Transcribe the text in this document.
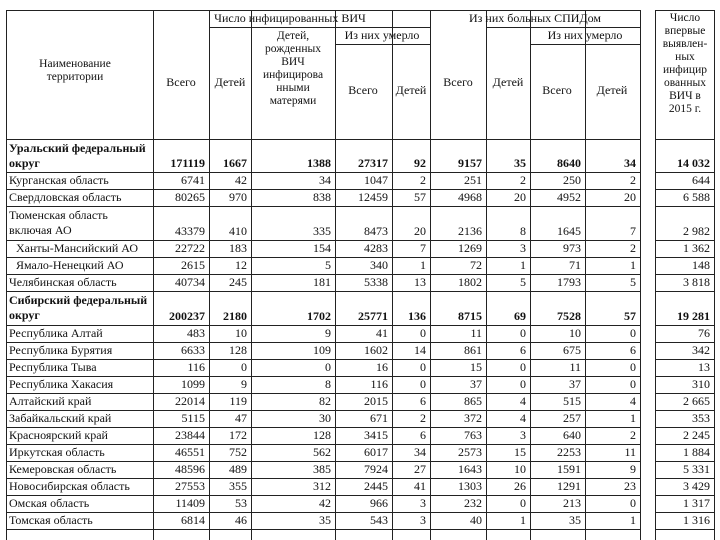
Наименование территории
Число инфицированных ВИЧ
Всего Детей
Детей, рожденных ВИЧ инфицирова нными матерями
Из них умерло
Всего Детей
Из них больных СПИДом
Всего Детей
Из них умерло
Всего Детей
Число впервые выявлен-ных инфицир ованных ВИЧ в 2015 г.
Уральский федеральный округ	171119	1667	1388	27317	92	9157	35	8640	34	14 032
Курганская область	6741	42	34	1047	2	251	2	250	2	644
Свердловская область	80265	970	838	12459	57	4968	20	4952	20	6 588
Тюменская область включая АО	43379	410	335	8473	20	2136	8	1645	7	2 982
Ханты-Мансийский АО	22722	183	154	4283	7	1269	3	973	2	1 362
Ямало-Ненецкий АО	2615	12	5	340	1	72	1	71	1	148
Челябинская область	40734	245	181	5338	13	1802	5	1793	5	3 818
Сибирский федеральный округ	200237	2180	1702	25771	136	8715	69	7528	57	19 281
Республика Алтай	483	10	9	41	0	11	0	10	0	76
Республика Бурятия	6633	128	109	1602	14	861	6	675	6	342
Республика Тыва	116	0	0	16	0	15	0	11	0	13
Республика Хакасия	1099	9	8	116	0	37	0	37	0	310
Алтайский край	22014	119	82	2015	6	865	4	515	4	2 665
Забайкальский край	5115	47	30	671	2	372	4	257	1	353
Красноярский край	23844	172	128	3415	6	763	3	640	2	2 245
Иркутская область	46551	752	562	6017	34	2573	15	2253	11	1 884
Кемеровская область	48596	489	385	7924	27	1643	10	1591	9	5 331
Новосибирская область	27553	355	312	2445	41	1303	26	1291	23	3 429
Омская область	11409	53	42	966	3	232	0	213	0	1 317
Томская область	6814	46	35	543	3	40	1	35	1	1 316
